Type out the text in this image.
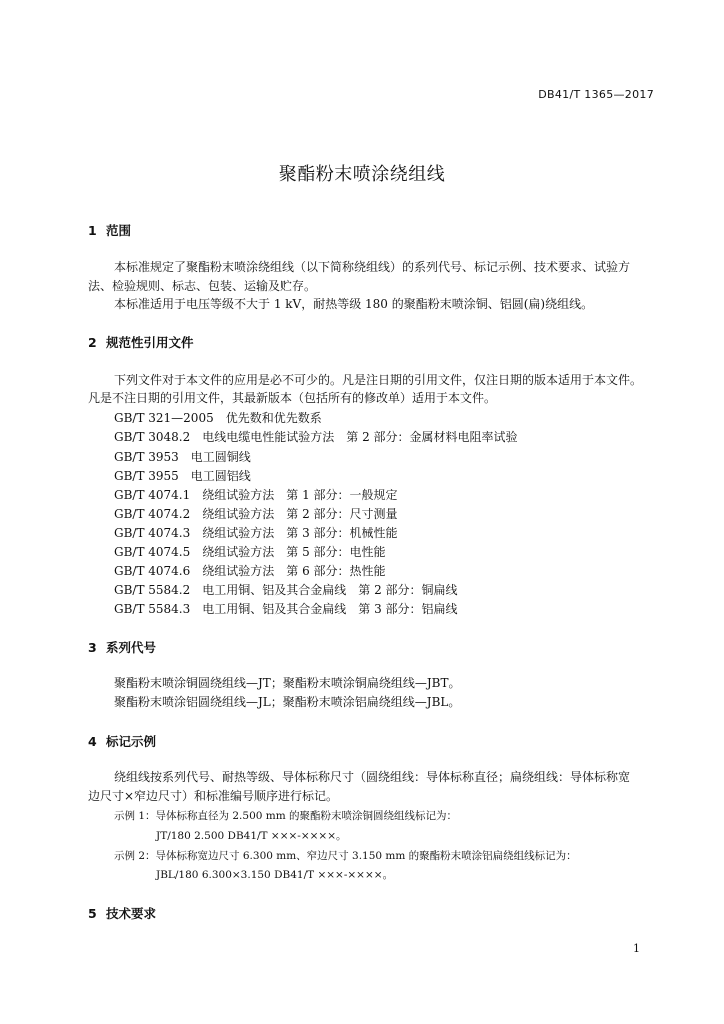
DB41/T 1365—2017
聚酯粉末喷涂绕组线
1 范围
本标准规定了聚酯粉末喷涂绕组线（以下简称绕组线）的系列代号、标记示例、技术要求、试验方
法、检验规则、标志、包装、运输及贮存。
本标准适用于电压等级不大于 1 kV，耐热等级 180 的聚酯粉末喷涂铜、铝圆(扁)绕组线。
2 规范性引用文件
下列文件对于本文件的应用是必不可少的。凡是注日期的引用文件，仅注日期的版本适用于本文件。
凡是不注日期的引用文件，其最新版本（包括所有的修改单）适用于本文件。
GB/T 321—2005　优先数和优先数系
GB/T 3048.2　电线电缆电性能试验方法　第 2 部分：金属材料电阻率试验
GB/T 3953　电工圆铜线
GB/T 3955　电工圆铝线
GB/T 4074.1　绕组试验方法　第 1 部分：一般规定
GB/T 4074.2　绕组试验方法　第 2 部分：尺寸测量
GB/T 4074.3　绕组试验方法　第 3 部分：机械性能
GB/T 4074.5　绕组试验方法　第 5 部分：电性能
GB/T 4074.6　绕组试验方法　第 6 部分：热性能
GB/T 5584.2　电工用铜、铝及其合金扁线　第 2 部分：铜扁线
GB/T 5584.3　电工用铜、铝及其合金扁线　第 3 部分：铝扁线
3 系列代号
聚酯粉末喷涂铜圆绕组线—JT；聚酯粉末喷涂铜扁绕组线—JBT。
聚酯粉末喷涂铝圆绕组线—JL；聚酯粉末喷涂铝扁绕组线—JBL。
4 标记示例
绕组线按系列代号、耐热等级、导体标称尺寸（圆绕组线：导体标称直径；扁绕组线：导体标称宽
边尺寸×窄边尺寸）和标准编号顺序进行标记。
示例 1：导体标称直径为 2.500 mm 的聚酯粉末喷涂铜圆绕组线标记为：
JT/180 2.500 DB41/T ×××-××××。
示例 2：导体标称宽边尺寸 6.300 mm、窄边尺寸 3.150 mm 的聚酯粉末喷涂铝扁绕组线标记为：
JBL/180 6.300×3.150 DB41/T ×××-××××。
5 技术要求
1
